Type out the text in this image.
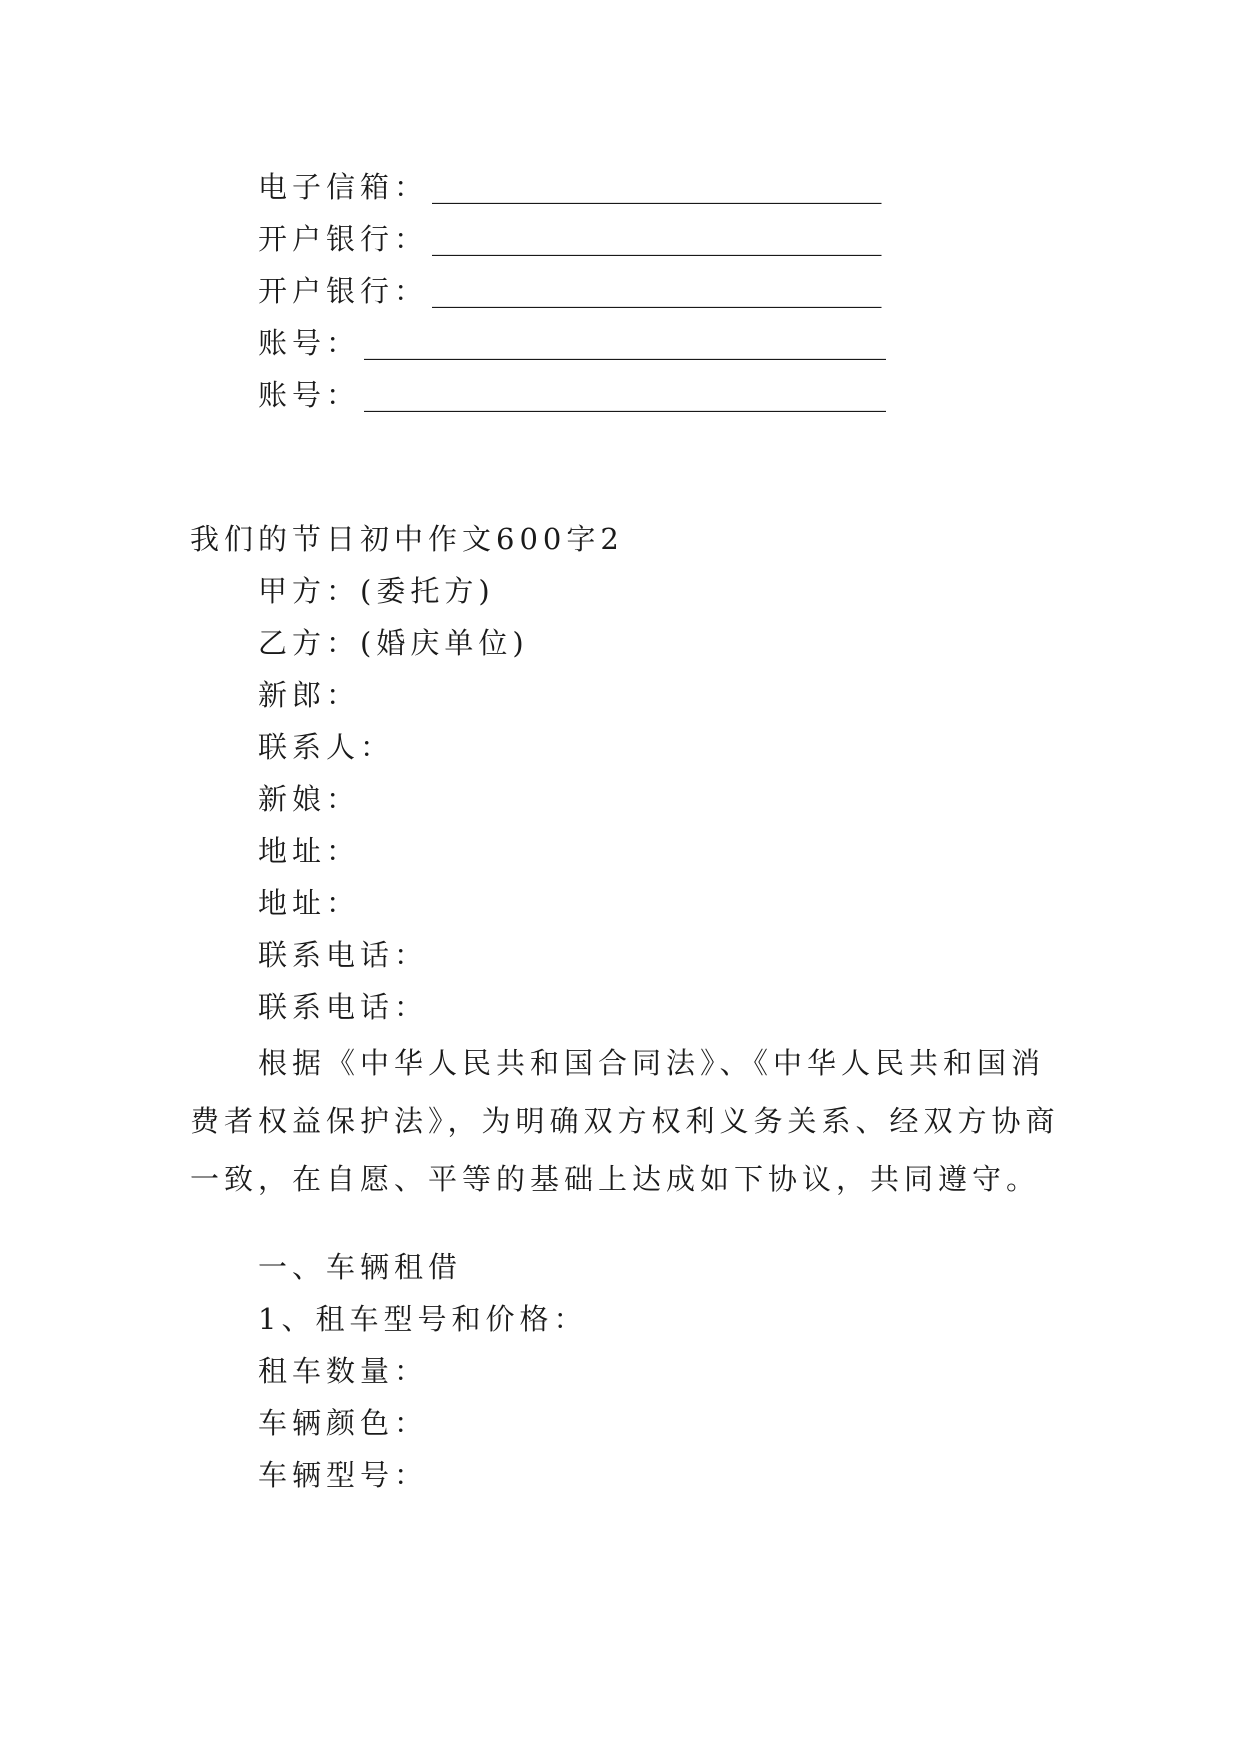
电子信箱： _______________________________
开户银行： _______________________________
开户银行： _______________________________
账号： ____________________________________
账号： ____________________________________
我们的节日初中作文600字2
甲方：(委托方)
乙方：(婚庆单位)
新郎：
联系人：
新娘：
地址：
地址：
联系电话：
联系电话：
根据《中华人民共和国合同法》、《中华人民共和国消费者权益保护法》，为明确双方权利义务关系、经双方协商一致，在自愿、平等的基础上达成如下协议，共同遵守。
一、车辆租借
1、租车型号和价格：
租车数量：
车辆颜色：
车辆型号：
